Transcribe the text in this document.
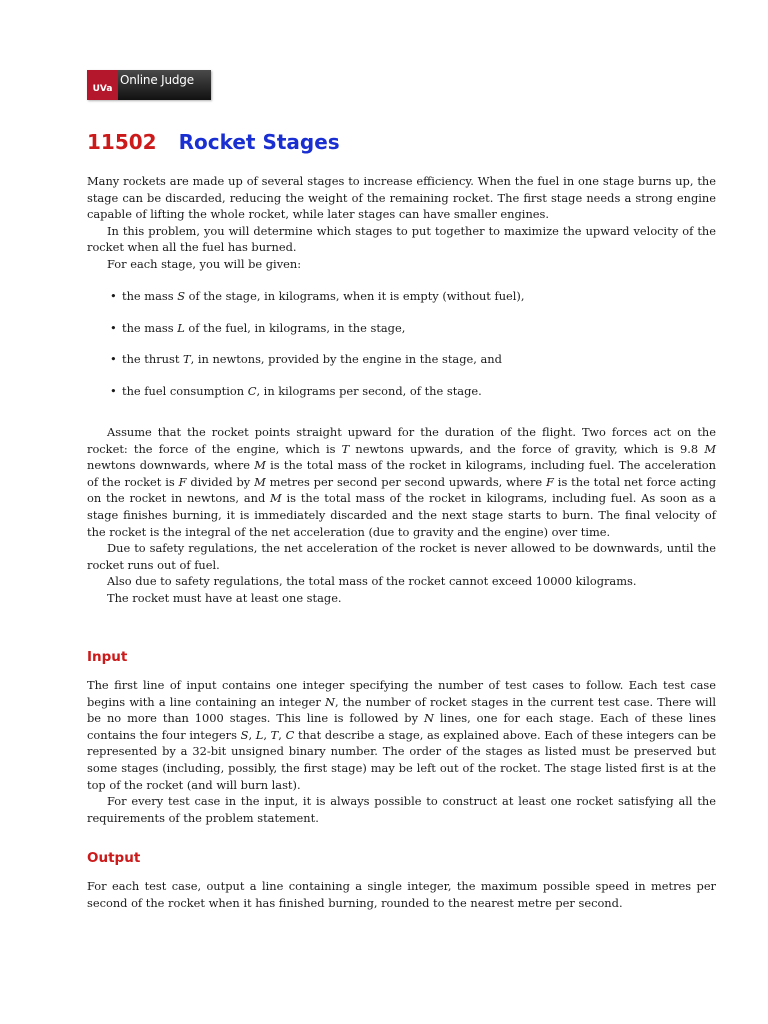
UVa
Online Judge
11502 Rocket Stages

Many rockets are made up of several stages to increase efficiency. When the fuel in one stage burns up, the stage can be discarded, reducing the weight of the remaining rocket. The first stage needs a strong engine capable of lifting the whole rocket, while later stages can have smaller engines.

In this problem, you will determine which stages to put together to maximize the upward velocity of the rocket when all the fuel has burned.

For each stage, you will be given:

• the mass S of the stage, in kilograms, when it is empty (without fuel),
• the mass L of the fuel, in kilograms, in the stage,
• the thrust T, in newtons, provided by the engine in the stage, and
• the fuel consumption C, in kilograms per second, of the stage.

Assume that the rocket points straight upward for the duration of the flight. Two forces act on the rocket: the force of the engine, which is T newtons upwards, and the force of gravity, which is 9.8 M newtons downwards, where M is the total mass of the rocket in kilograms, including fuel. The acceleration of the rocket is F divided by M metres per second per second upwards, where F is the total net force acting on the rocket in newtons, and M is the total mass of the rocket in kilograms, including fuel. As soon as a stage finishes burning, it is immediately discarded and the next stage starts to burn. The final velocity of the rocket is the integral of the net acceleration (due to gravity and the engine) over time.

Due to safety regulations, the net acceleration of the rocket is never allowed to be downwards, until the rocket runs out of fuel.

Also due to safety regulations, the total mass of the rocket cannot exceed 10000 kilograms.

The rocket must have at least one stage.

Input

The first line of input contains one integer specifying the number of test cases to follow. Each test case begins with a line containing an integer N, the number of rocket stages in the current test case. There will be no more than 1000 stages. This line is followed by N lines, one for each stage. Each of these lines contains the four integers S, L, T, C that describe a stage, as explained above. Each of these integers can be represented by a 32-bit unsigned binary number. The order of the stages as listed must be preserved but some stages (including, possibly, the first stage) may be left out of the rocket. The stage listed first is at the top of the rocket (and will burn last).

For every test case in the input, it is always possible to construct at least one rocket satisfying all the requirements of the problem statement.

Output

For each test case, output a line containing a single integer, the maximum possible speed in metres per second of the rocket when it has finished burning, rounded to the nearest metre per second.
